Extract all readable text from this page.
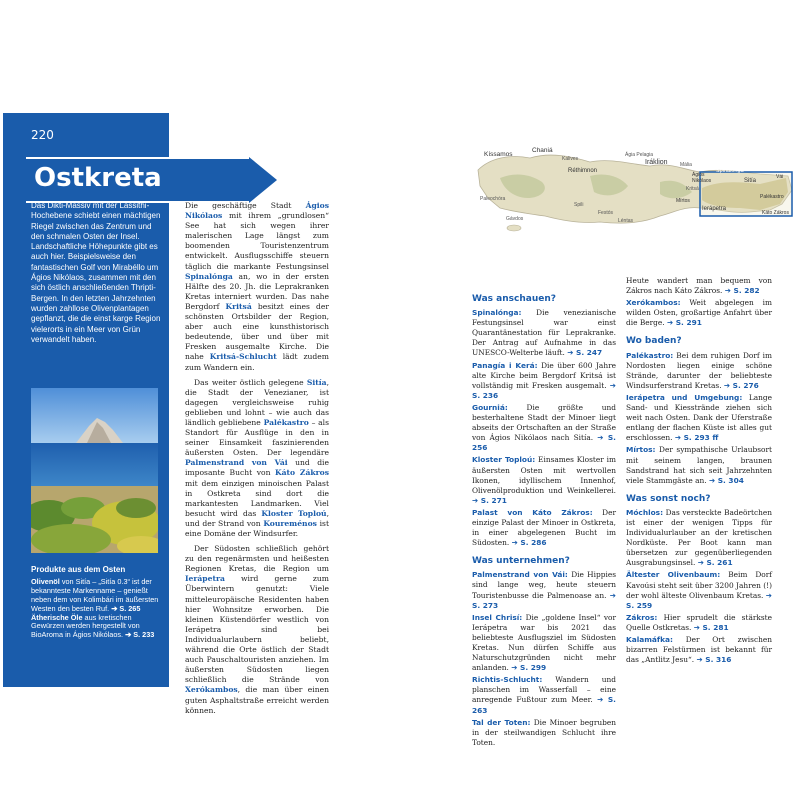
220
Ostkreta
Das Dikti-Massiv mit der Lassithi-Hochebene schiebt einen mächtigen Riegel zwischen das Zentrum und den schmalen Osten der Insel. Landschaftliche Höhepunkte gibt es auch hier. Beispielsweise den fantastischen Golf von Mirabéllo um Ágios Nikólaos, zusammen mit den sich östlich anschließenden Thripti-Bergen. In den letzten Jahrzehnten wurden zahllose Olivenplantagen gepflanzt, die die einst karge Region vielerorts in ein Meer von Grün verwandelt haben.
Produkte aus dem Osten

Olivenöl von Sitía – „Sitía 0.3“ ist der bekannteste Markenname – genießt neben dem von Kolimbári im äußersten Westen den besten Ruf. ➔ S. 265

Ätherische Öle aus kretischen Gewürzen werden hergestellt von BioAroma in Ágios Nikólaos. ➔ S. 233

Die geschäftige Stadt Ágios Nikólaos mit ihrem „grundlosen“ See hat sich wegen ihrer malerischen Lage längst zum boomenden Touristenzentrum entwickelt. Ausflugsschiffe steuern täglich die markante Festungsinsel Spinalónga an, wo in der ersten Hälfte des 20. Jh. die Leprakranken Kretas interniert wurden. Das nahe Bergdorf Kritsá besitzt eines der schönsten Ortsbilder der Region, aber auch eine kunsthistorisch bedeutende, über und über mit Fresken ausgemalte Kirche. Die nahe Kritsá-Schlucht lädt zudem zum Wandern ein.

Das weiter östlich gelegene Sitía, die Stadt der Venezianer, ist dagegen vergleichsweise ruhig geblieben und lohnt – wie auch das ländlich gebliebene Palékastro – als Standort für Ausflüge in den in seiner Einsamkeit faszinierenden äußersten Osten. Der legendäre Palmenstrand von Vái und die imposante Bucht von Káto Zákros mit dem einzigen minoischen Palast in Ostkreta sind dort die markantesten Landmarken. Viel besucht wird das Kloster Toploú, und der Strand von Koureménos ist eine Domäne der Windsurfer.

Der Südosten schließlich gehört zu den regenärmsten und heißesten Regionen Kretas, die Region um Ierápetra wird gerne zum Überwintern genutzt: Viele mitteleuropäische Residenten haben hier Wohnsitze erworben. Die kleinen Küstendörfer westlich von Ierápetra sind bei Individualurlaubern beliebt, während die Orte östlich der Stadt auch Pauschaltouristen anziehen. Im äußersten Südosten liegen schließlich die Strände von Xerókambos, die man über einen guten Asphaltstraße erreicht werden können.

Kíssamos
Chaniá
Kalives
Réthimnon
Ágia Pelagia
Iráklion Mália
Ágios
Nikólaos	Sitía
Vái
Spinalónga
Kritsá
Palékastro
Ierápetra
Mírtos
Káto Zákros
Spili
Festós
Léntas
Gávdos
Paleochóra
Was anschauen?

Spinalónga: Die venezianische Festungsinsel war einst Quarantänestation für Leprakranke. Der Antrag auf Aufnahme in das UNESCO-Welterbe läuft. ➔ S. 247

Panagía i Kerá: Die über 600 Jahre alte Kirche beim Bergdorf Kritsá ist vollständig mit Fresken ausgemalt. ➔ S. 236

Gourniá: Die größte und besterhaltene Stadt der Minoer liegt abseits der Ortschaften an der Straße von Ágios Nikólaos nach Sitía. ➔ S. 256

Kloster Toploú: Einsames Kloster im äußersten Osten mit wertvollen Ikonen, idyllischem Innenhof, Olivenölproduktion und Weinkellerei. ➔ S. 271

Palast von Káto Zákros: Der einzige Palast der Minoer in Ostkreta, in einer abgelegenen Bucht im Südosten. ➔ S. 286

Was unternehmen?

Palmenstrand von Vái: Die Hippies sind lange weg, heute steuern Touristenbusse die Palmenoase an. ➔ S. 273

Insel Chrisí: Die „goldene Insel“ vor Ierápetra war bis 2021 das beliebteste Ausflugsziel im Südosten Kretas. Nun dürfen Schiffe aus Naturschutzgründen nicht mehr anlanden. ➔ S. 299

Richtis-Schlucht: Wandern und planschen im Wasserfall – eine anregende Fußtour zum Meer. ➔ S. 263

Tal der Toten: Die Minoer begruben in der steilwandigen Schlucht ihre Toten.

Heute wandert man bequem von Zákros nach Káto Zákros. ➔ S. 282

Xerókambos: Weit abgelegen im wilden Osten, großartige Anfahrt über die Berge. ➔ S. 291

Wo baden?

Palékastro: Bei dem ruhigen Dorf im Nordosten liegen einige schöne Strände, darunter der beliebteste Windsurferstrand Kretas. ➔ S. 276

Ierápetra und Umgebung: Lange Sand- und Kiesstrände ziehen sich weit nach Osten. Dank der Uferstraße entlang der flachen Küste ist alles gut erschlossen. ➔ S. 293 ff

Mírtos: Der sympathische Urlaubsort mit seinem langen, braunen Sandstrand hat sich seit Jahrzehnten viele Stammgäste an. ➔ S. 304

Was sonst noch?

Móchlos: Das versteckte Badeörtchen ist einer der wenigen Tipps für Individualurlauber an der kretischen Nordküste. Per Boot kann man übersetzen zur gegenüberliegenden Ausgrabungsinsel. ➔ S. 261

Ältester Olivenbaum: Beim Dorf Kavoúsi steht seit über 3200 Jahren (!) der wohl älteste Olivenbaum Kretas. ➔ S. 259

Zákros: Hier sprudelt die stärkste Quelle Ostkretas. ➔ S. 281

Kalamáfka: Der Ort zwischen bizarren Felstürmen ist bekannt für das „Antlitz Jesu“. ➔ S. 316
